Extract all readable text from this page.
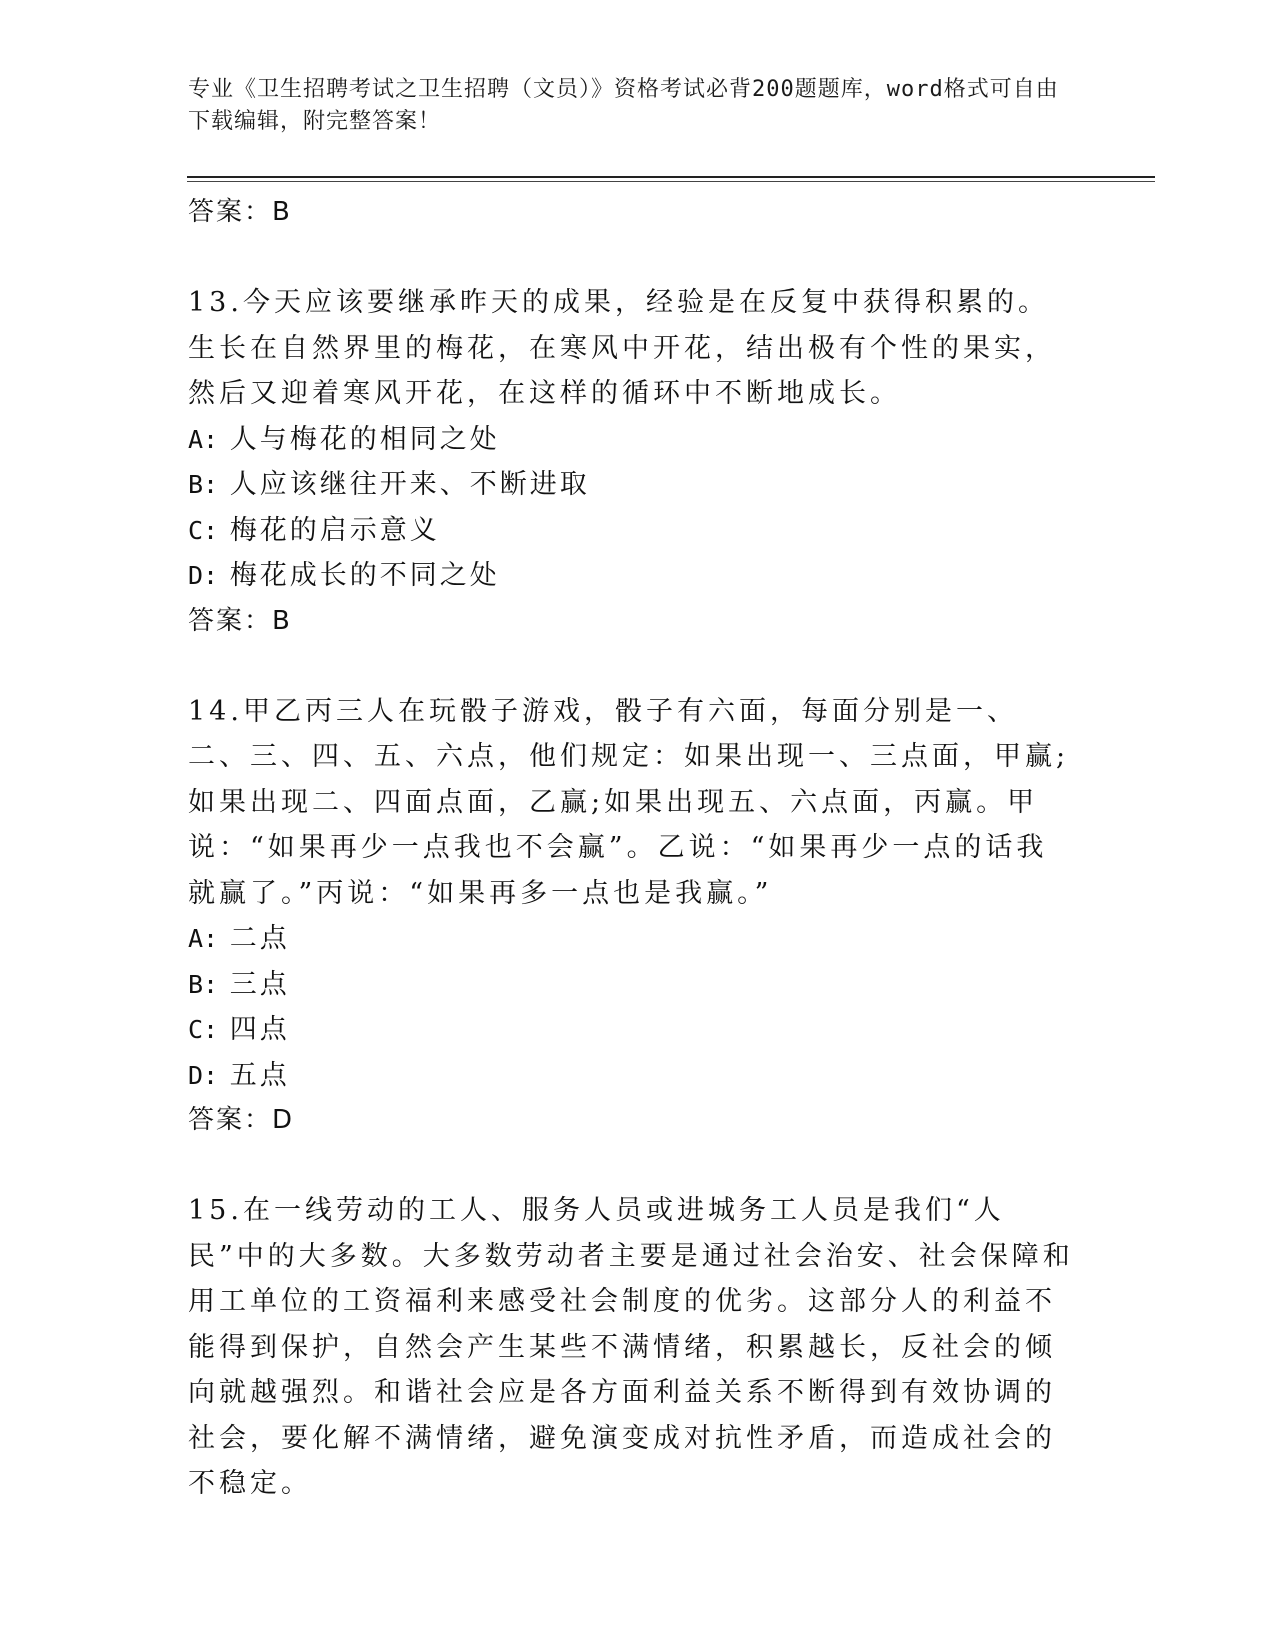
专业《卫生招聘考试之卫生招聘（文员）》资格考试必背200题题库，word格式可自由下载编辑，附完整答案！

答案：B

13.今天应该要继承昨天的成果，经验是在反复中获得积累的。生长在自然界里的梅花，在寒风中开花，结出极有个性的果实，然后又迎着寒风开花，在这样的循环中不断地成长。

A: 人与梅花的相同之处

B: 人应该继往开来、不断进取

C: 梅花的启示意义

D: 梅花成长的不同之处

答案：B

14.甲乙丙三人在玩骰子游戏，骰子有六面，每面分别是一、二、三、四、五、六点，他们规定：如果出现一、三点面，甲赢;如果出现二、四面点面，乙赢;如果出现五、六点面，丙赢。甲说：“如果再少一点我也不会赢”。乙说：“如果再少一点的话我就赢了。”丙说：“如果再多一点也是我赢。”

A: 二点

B: 三点

C: 四点

D: 五点

答案：D

15.在一线劳动的工人、服务人员或进城务工人员是我们“人民”中的大多数。大多数劳动者主要是通过社会治安、社会保障和用工单位的工资福利来感受社会制度的优劣。这部分人的利益不能得到保护，自然会产生某些不满情绪，积累越长，反社会的倾向就越强烈。和谐社会应是各方面利益关系不断得到有效协调的社会，要化解不满情绪，避免演变成对抗性矛盾，而造成社会的不稳定。
